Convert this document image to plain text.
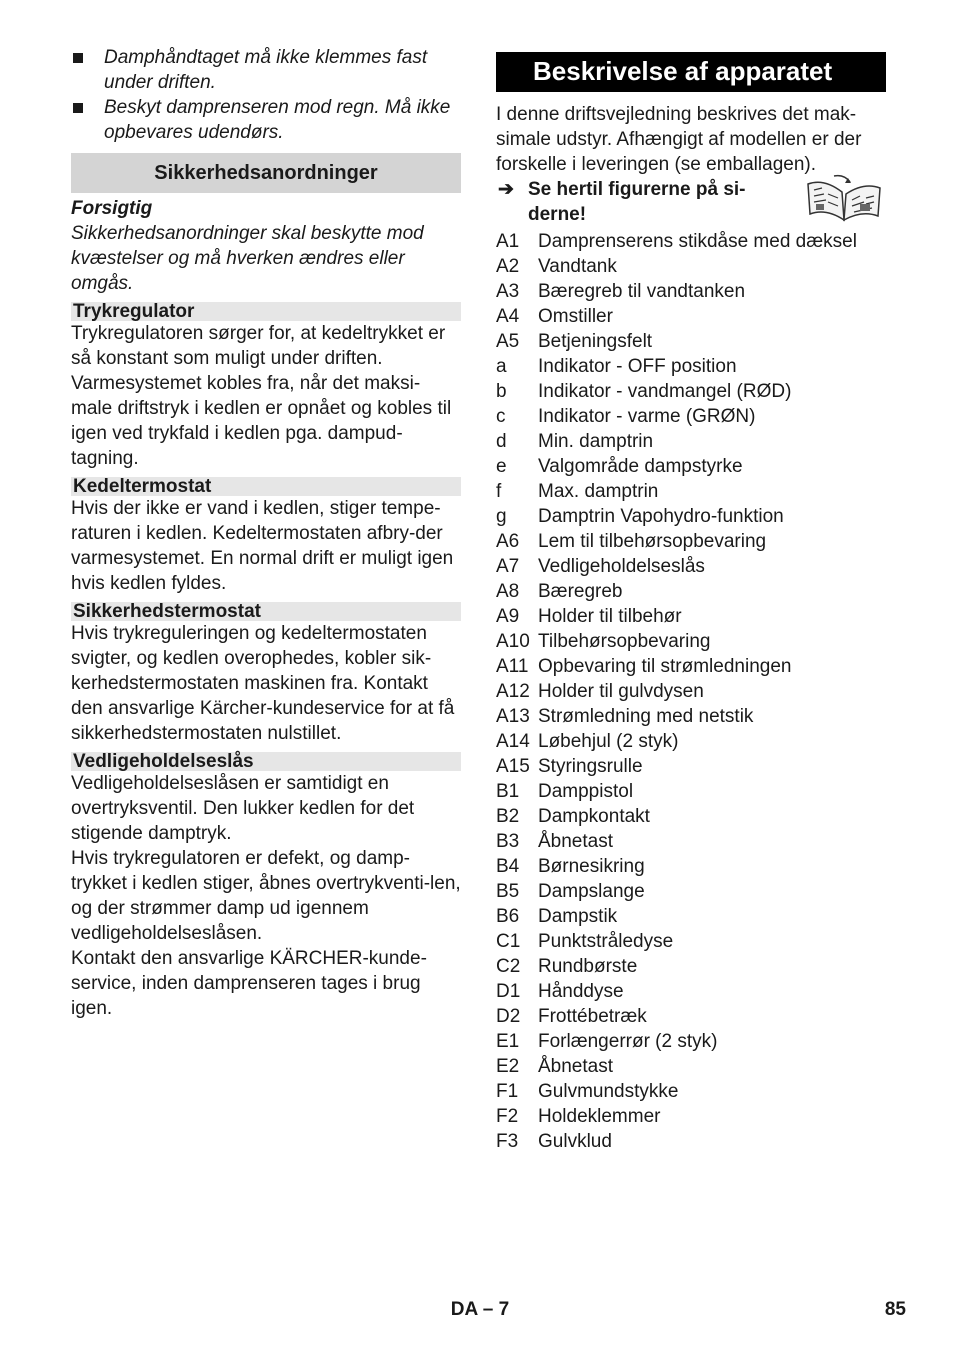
Damphåndtaget må ikke klemmes fast under driften.
Beskyt damprenseren mod regn. Må ikke opbevares udendørs.
Sikkerhedsanordninger
Forsigtig
Sikkerhedsanordninger skal beskytte mod kvæstelser og må hverken ændres eller omgås.
Trykregulator
Trykregulatoren sørger for, at kedeltrykket er så konstant som muligt under driften. Varmesystemet kobles fra, når det maksi-male driftstryk i kedlen er opnået og kobles til igen ved trykfald i kedlen pga. dampud-tagning.
Kedeltermostat
Hvis der ikke er vand i kedlen, stiger tempe-raturen i kedlen. Kedeltermostaten afbry-der varmesystemet. En normal drift er muligt igen hvis kedlen fyldes.
Sikkerhedstermostat
Hvis trykreguleringen og kedeltermostaten svigter, og kedlen overophedes, kobler sik-kerhedstermostaten maskinen fra. Kontakt den ansvarlige Kärcher-kundeservice for at få sikkerhedstermostaten nulstillet.
Vedligeholdelseslås
Vedligeholdelseslåsen er samtidigt en overtryksventil. Den lukker kedlen for det stigende damptryk.
Hvis trykregulatoren er defekt, og damp-trykket i kedlen stiger, åbnes overtrykventi-len, og der strømmer damp ud igennem vedligeholdelseslåsen.
Kontakt den ansvarlige KÄRCHER-kunde-service, inden damprenseren tages i brug igen.
Beskrivelse af apparatet
I denne driftsvejledning beskrives det mak-simale udstyr. Afhængigt af modellen er der forskelle i leveringen (se emballagen).
➔ Se hertil figurerne på si-derne!
A1 Damprenserens stikdåse med dæksel
A2 Vandtank
A3 Bæregreb til vandtanken
A4 Omstiller
A5 Betjeningsfelt
a	Indikator - OFF position
b	Indikator - vandmangel (RØD)
c	Indikator - varme (GRØN)
d	Min. damptrin
e	Valgområde dampstyrke
f	Max. damptrin
g	Damptrin Vapohydro-funktion
A6 Lem til tilbehørsopbevaring
A7 Vedligeholdelseslås
A8 Bæregreb
A9 Holder til tilbehør
A10 Tilbehørsopbevaring
A11 Opbevaring til strømledningen
A12 Holder til gulvdysen
A13 Strømledning med netstik
A14 Løbehjul (2 styk)
A15 Styringsrulle
B1 Damppistol
B2 Dampkontakt
B3 Åbnetast
B4 Børnesikring
B5 Dampslange
B6 Dampstik
C1 Punktstråledyse
C2 Rundbørste
D1 Hånddyse
D2 Frottébetræk
E1 Forlængerrør (2 styk)
E2 Åbnetast
F1	Gulvmundstykke
F2	Holdeklemmer
F3	Gulvklud
DA – 7	85
